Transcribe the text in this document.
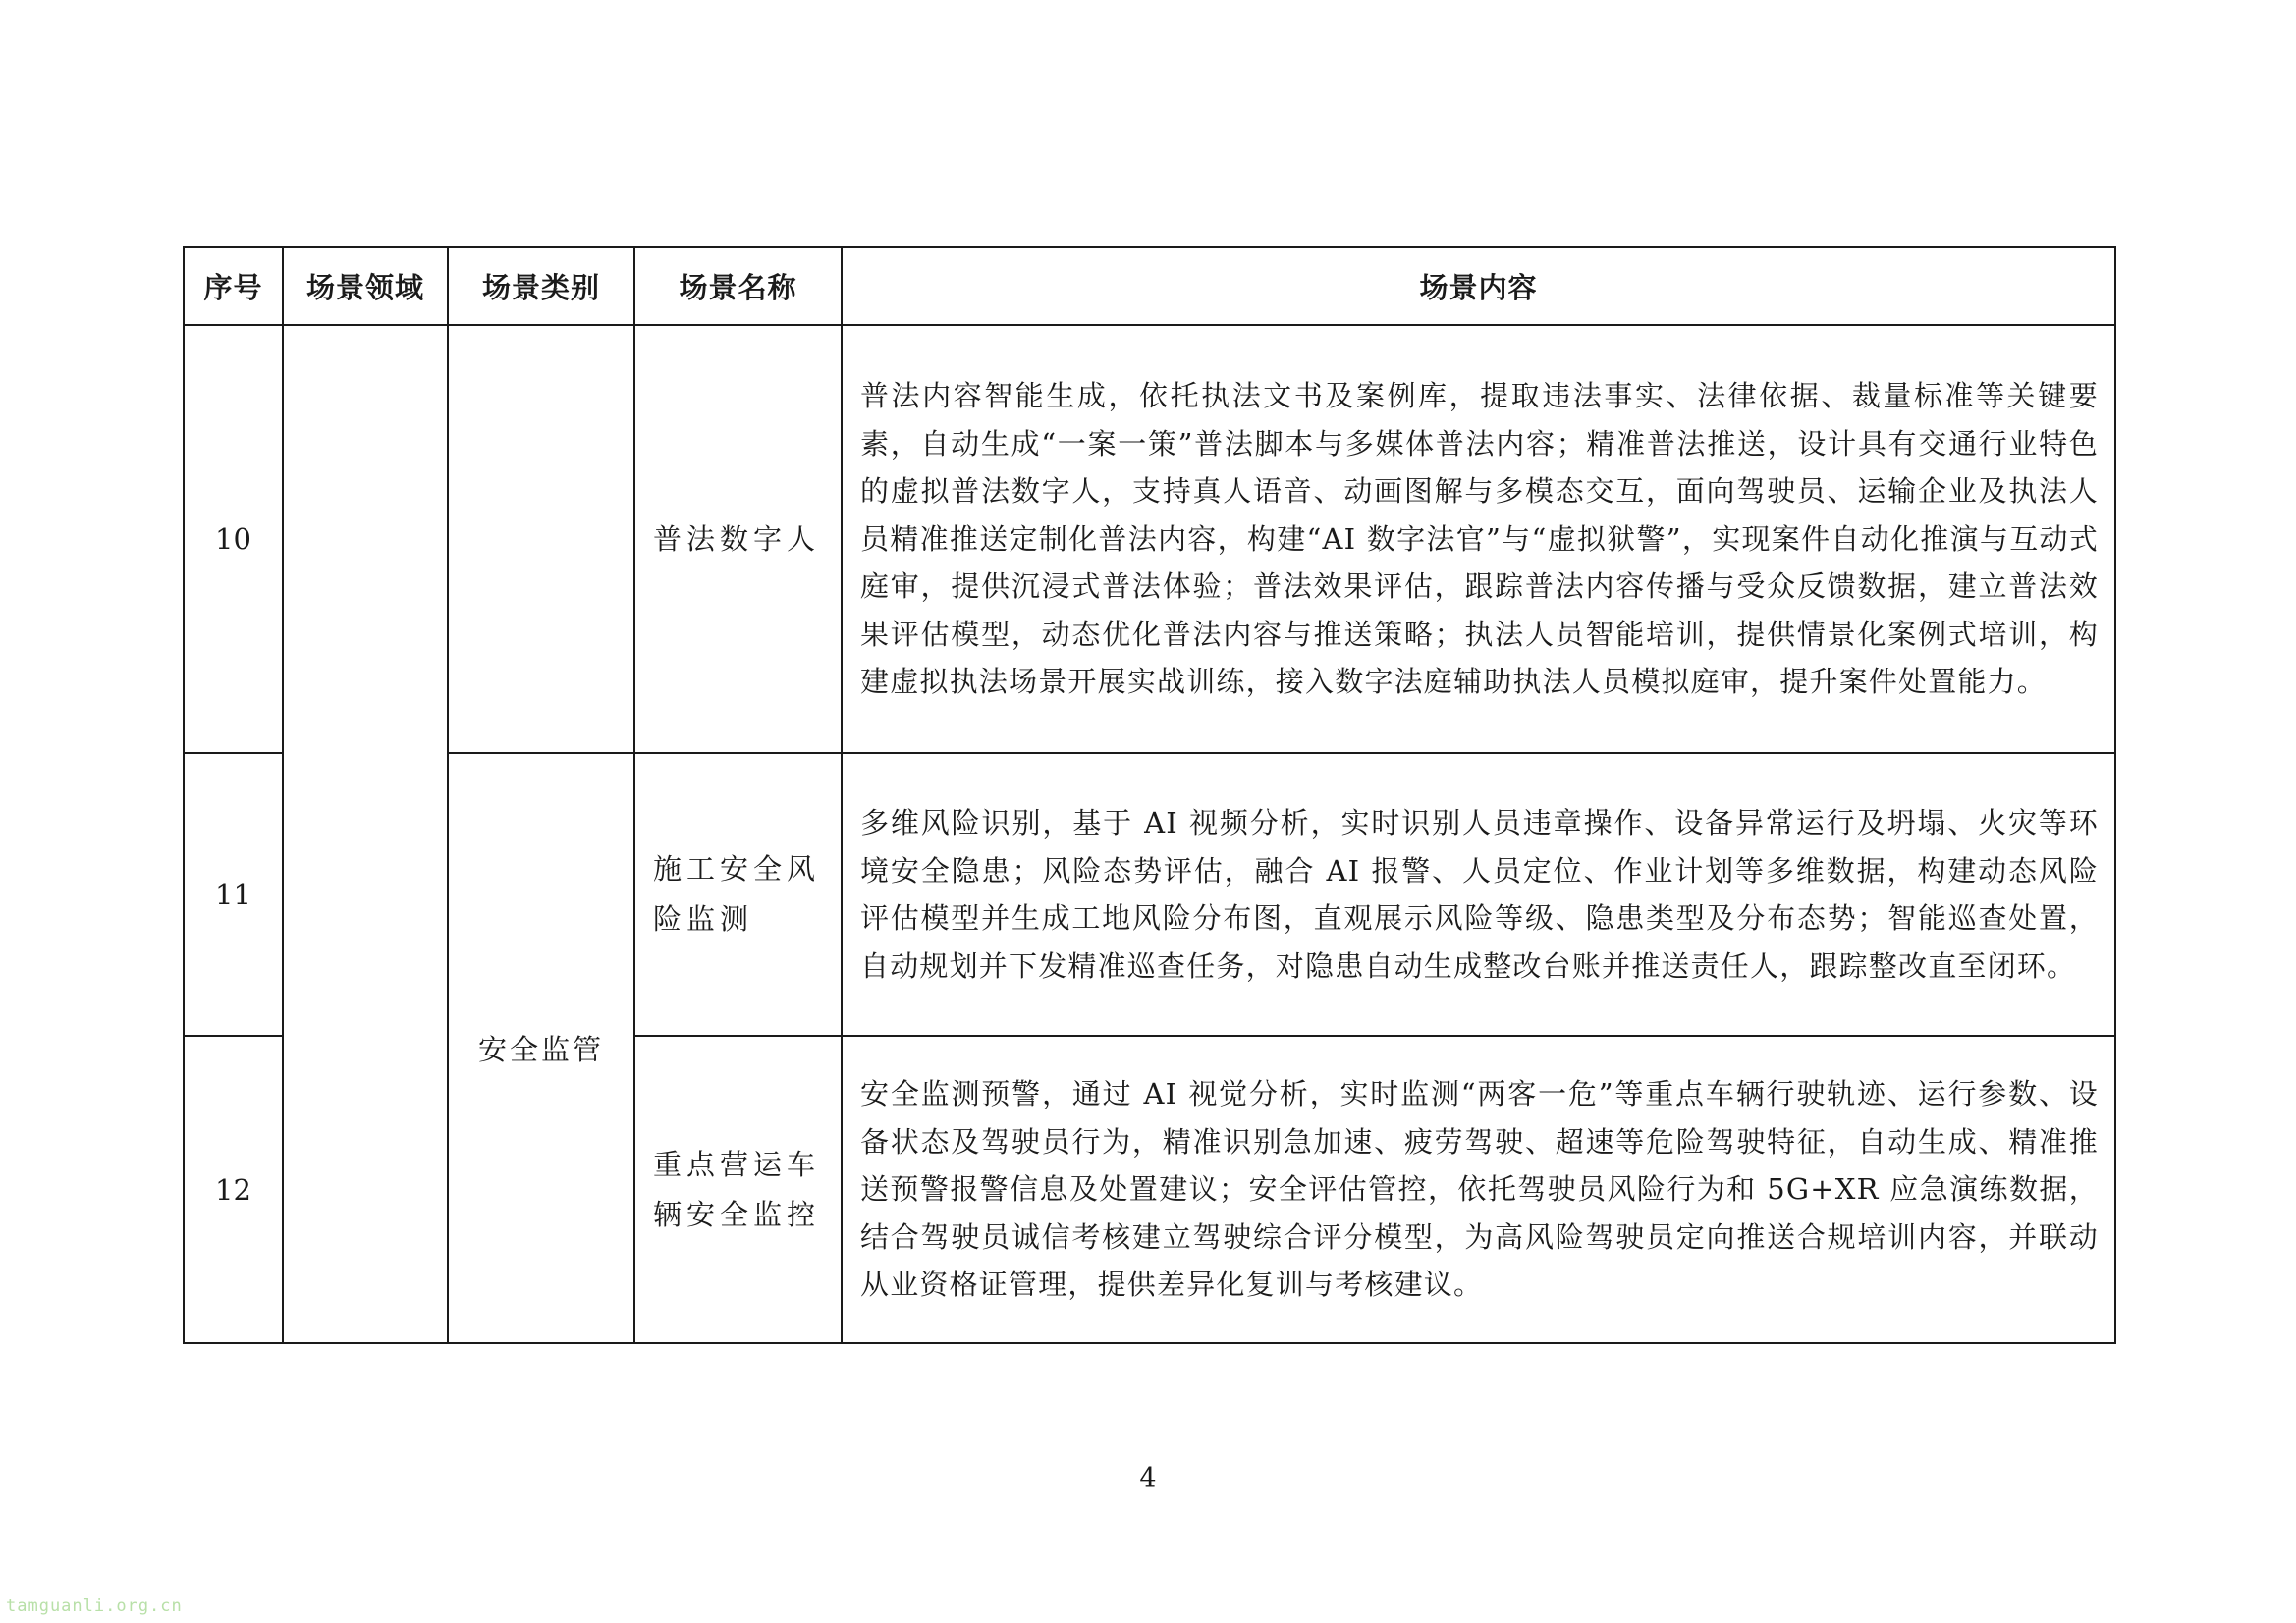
序号	场景领域	场景类别	场景名称	场景内容
10			普法数字人	普法内容智能生成，依托执法文书及案例库，提取违法事实、法律依据、裁量标准等关键要素，自动生成“一案一策”普法脚本与多媒体普法内容；精准普法推送，设计具有交通行业特色的虚拟普法数字人，支持真人语音、动画图解与多模态交互，面向驾驶员、运输企业及执法人员精准推送定制化普法内容，构建“AI 数字法官”与“虚拟狱警”，实现案件自动化推演与互动式庭审，提供沉浸式普法体验；普法效果评估，跟踪普法内容传播与受众反馈数据，建立普法效果评估模型，动态优化普法内容与推送策略；执法人员智能培训，提供情景化案例式培训，构建虚拟执法场景开展实战训练，接入数字法庭辅助执法人员模拟庭审，提升案件处置能力。

11		安全监管	施工安全风险监测	多维风险识别，基于 AI 视频分析，实时识别人员违章操作、设备异常运行及坍塌、火灾等环境安全隐患；风险态势评估，融合 AI 报警、人员定位、作业计划等多维数据，构建动态风险评估模型并生成工地风险分布图，直观展示风险等级、隐患类型及分布态势；智能巡查处置，自动规划并下发精准巡查任务，对隐患自动生成整改台账并推送责任人，跟踪整改直至闭环。

12			重点营运车辆安全监控	安全监测预警，通过 AI 视觉分析，实时监测“两客一危”等重点车辆行驶轨迹、运行参数、设备状态及驾驶员行为，精准识别急加速、疲劳驾驶、超速等危险驾驶特征，自动生成、精准推送预警报警信息及处置建议；安全评估管控，依托驾驶员风险行为和 5G+XR 应急演练数据，结合驾驶员诚信考核建立驾驶综合评分模型，为高风险驾驶员定向推送合规培训内容，并联动从业资格证管理，提供差异化复训与考核建议。
4
tamguanli.org.cn
